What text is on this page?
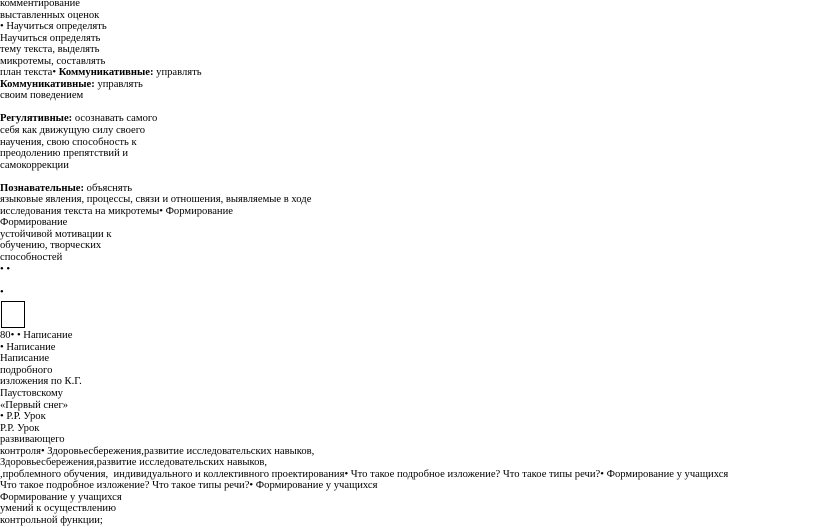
комментирование
выставленных оценок
• Научиться определять
Научиться определять
тему текста, выделять
микротемы, составлять
план текста• Коммуникативные: управлять
Коммуникативные: управлять
своим поведением
Регулятивные: осознавать самого
себя как движущую силу своего
научения, свою способность к
преодолению препятствий и
самокоррекции
Познавательные: объяснять
языковые явления, процессы, связи и отношения, выявляемые в ходе
исследования текста на микротемы• Формирование
Формирование
устойчивой мотивации к
обучению, творческих
способностей
• •
•
80• • Написание
• Написание
Написание
подробного
изложения по К.Г.
Паустовскому
«Первый снег»
• Р.Р. Урок
Р.Р. Урок
развивающего
контроля• Здоровьесбережения,развитие исследовательских навыков,
Здоровьесбережения,развитие исследовательских навыков,
,проблемного обучения,  индивидуального и коллективного проектирования• Что такое подробное изложение? Что такое типы речи?• Формирование у учащихся
Что такое подробное изложение? Что такое типы речи?• Формирование у учащихся
Формирование у учащихся
умений к осуществлению
контрольной функции;
